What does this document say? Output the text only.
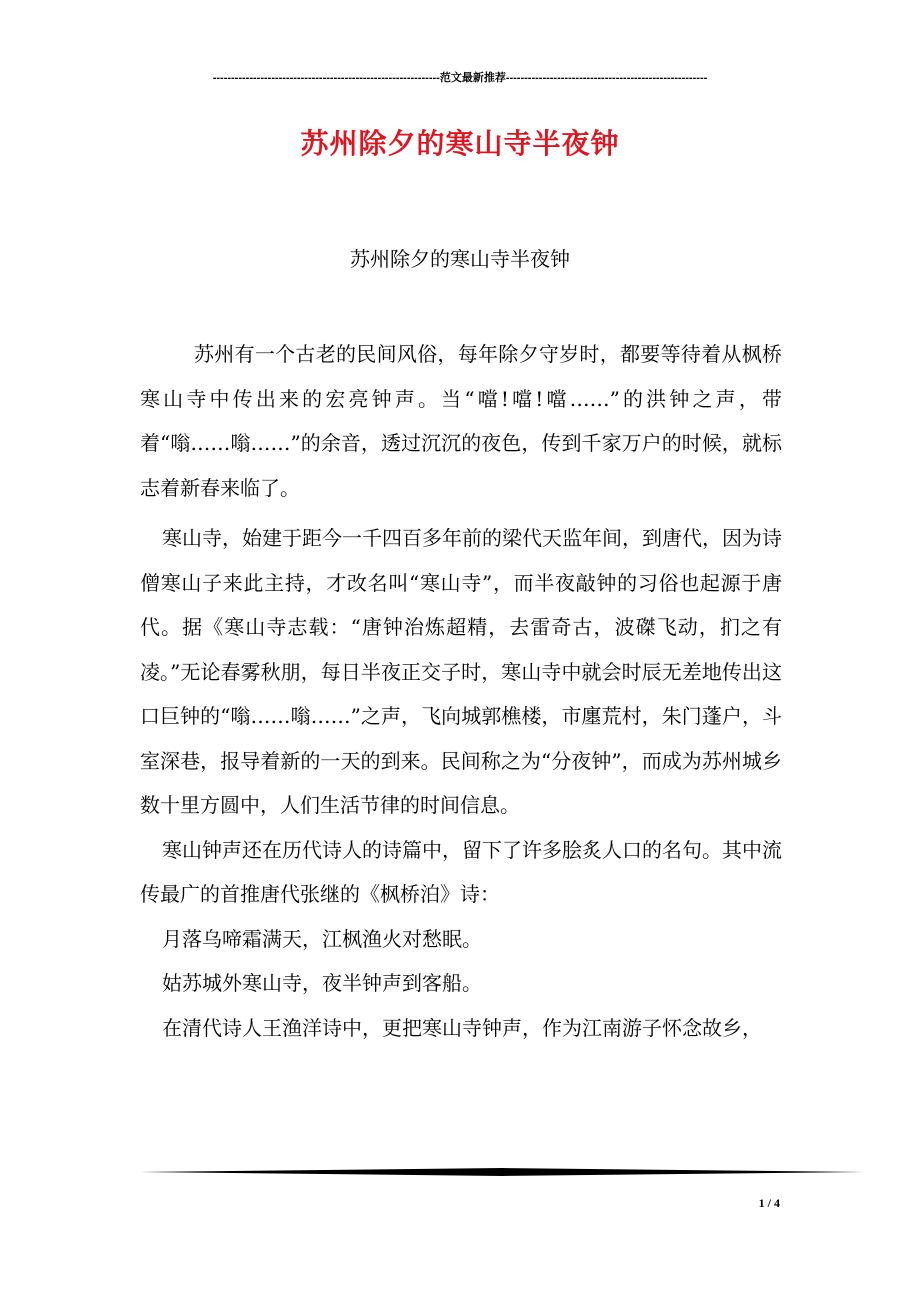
--------------------------------------------------------------范文最新推荐-------------------------------------------------------
苏州除夕的寒山寺半夜钟
苏州除夕的寒山寺半夜钟

苏州有一个古老的民间风俗，每年除夕守岁时，都要等待着从枫桥寒山寺中传出来的宏亮钟声。当“噹!噹!噹……”的洪钟之声，带着“嗡……嗡……”的余音，透过沉沉的夜色，传到千家万户的时候，就标志着新春来临了。

寒山寺，始建于距今一千四百多年前的梁代天监年间，到唐代，因为诗僧寒山子来此主持，才改名叫“寒山寺”，而半夜敲钟的习俗也起源于唐代。据《寒山寺志载：“唐钟治炼超精，去雷奇古，波磔飞动，扪之有凌。”无论春雾秋朋，每日半夜正交子时，寒山寺中就会时辰无差地传出这口巨钟的“嗡……嗡……”之声，飞向城郭樵楼，市廛荒村，朱门蓬户，斗室深巷，报导着新的一天的到来。民间称之为“分夜钟”，而成为苏州城乡数十里方圆中，人们生活节律的时间信息。

寒山钟声还在历代诗人的诗篇中，留下了许多脍炙人口的名句。其中流传最广的首推唐代张继的《枫桥泊》诗：

月落乌啼霜满天，江枫渔火对愁眠。

姑苏城外寒山寺，夜半钟声到客船。

在清代诗人王渔洋诗中，更把寒山寺钟声，作为江南游子怀念故乡，

1 / 4
